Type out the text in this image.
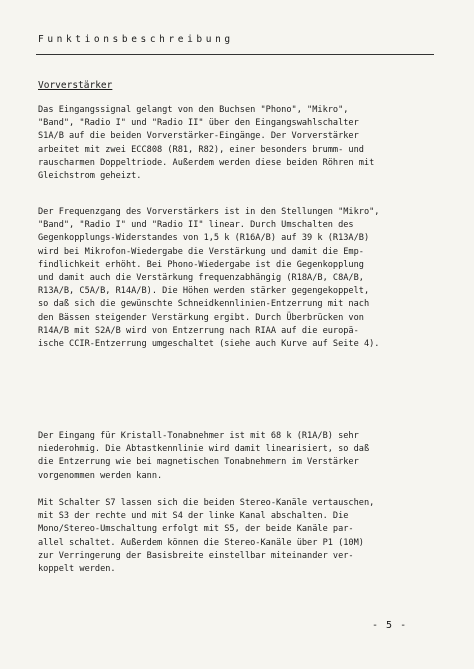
Funktionsbeschreibung
Vorverstärker
Das Eingangssignal gelangt von den Buchsen "Phono", "Mikro",
"Band", "Radio I" und "Radio II" über den Eingangswahlschalter
S1A/B auf die beiden Vorverstärker-Eingänge. Der Vorverstärker
arbeitet mit zwei ECC808 (R81, R82), einer besonders brumm- und
rauscharmen Doppeltriode. Außerdem werden diese beiden Röhren mit
Gleichstrom geheizt.
Der Frequenzgang des Vorverstärkers ist in den Stellungen "Mikro",
"Band", "Radio I" und "Radio II" linear. Durch Umschalten des
Gegenkopplungs-Widerstandes von 1,5 k (R16A/B) auf 39 k (R13A/B)
wird bei Mikrofon-Wiedergabe die Verstärkung und damit die Emp-
findlichkeit erhöht. Bei Phono-Wiedergabe ist die Gegenkopplung
und damit auch die Verstärkung frequenzabhängig (R18A/B, C8A/B,
R13A/B, C5A/B, R14A/B). Die Höhen werden stärker gegengekoppelt,
so daß sich die gewünschte Schneidkennlinien-Entzerrung mit nach
den Bässen steigender Verstärkung ergibt. Durch Überbrücken von
R14A/B mit S2A/B wird von Entzerrung nach RIAA auf die europä-
ische CCIR-Entzerrung umgeschaltet (siehe auch Kurve auf Seite 4).
Der Eingang für Kristall-Tonabnehmer ist mit 68 k (R1A/B) sehr
niederohmig. Die Abtastkennlinie wird damit linearisiert, so daß
die Entzerrung wie bei magnetischen Tonabnehmern im Verstärker
vorgenommen werden kann.
Mit Schalter S7 lassen sich die beiden Stereo-Kanäle vertauschen,
mit S3 der rechte und mit S4 der linke Kanal abschalten. Die
Mono/Stereo-Umschaltung erfolgt mit S5, der beide Kanäle par-
allel schaltet. Außerdem können die Stereo-Kanäle über P1 (10M)
zur Verringerung der Basisbreite einstellbar miteinander ver-
koppelt werden.
- 5 -
